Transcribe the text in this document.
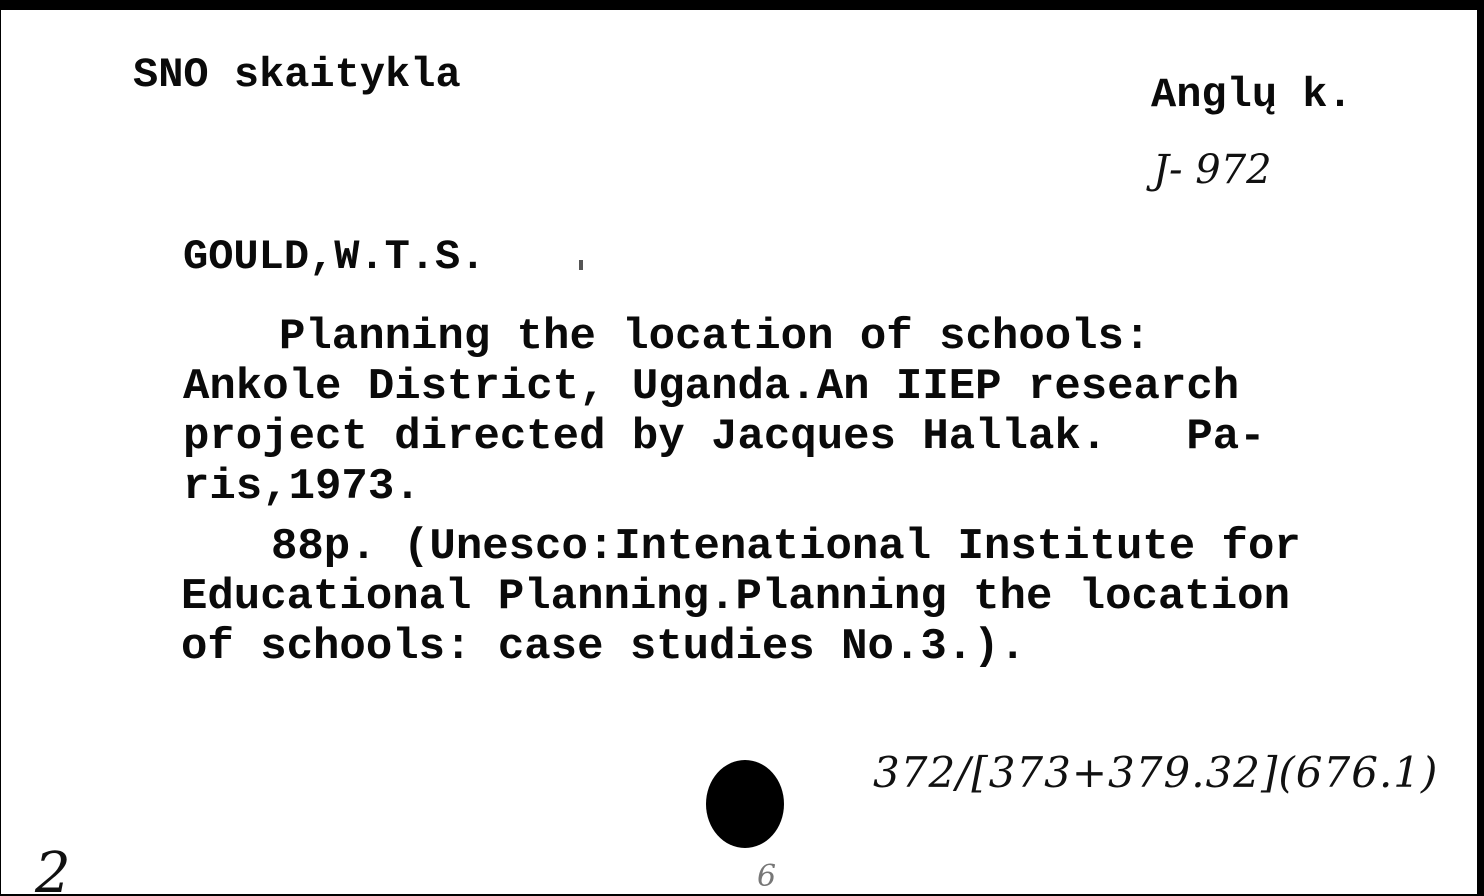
SNO skaitykla	Anglų k.
J- 972
GOULD,W.T.S.
Planning the location of schools:
Ankole District, Uganda.An IIEP research
project directed by Jacques Hallak.   Pa-
ris,1973.
88p. (Unesco:Intenational Institute for
Educational Planning.Planning the location
of schools: case studies No.3.).
372/[373+379.32](676.1)
2	6
